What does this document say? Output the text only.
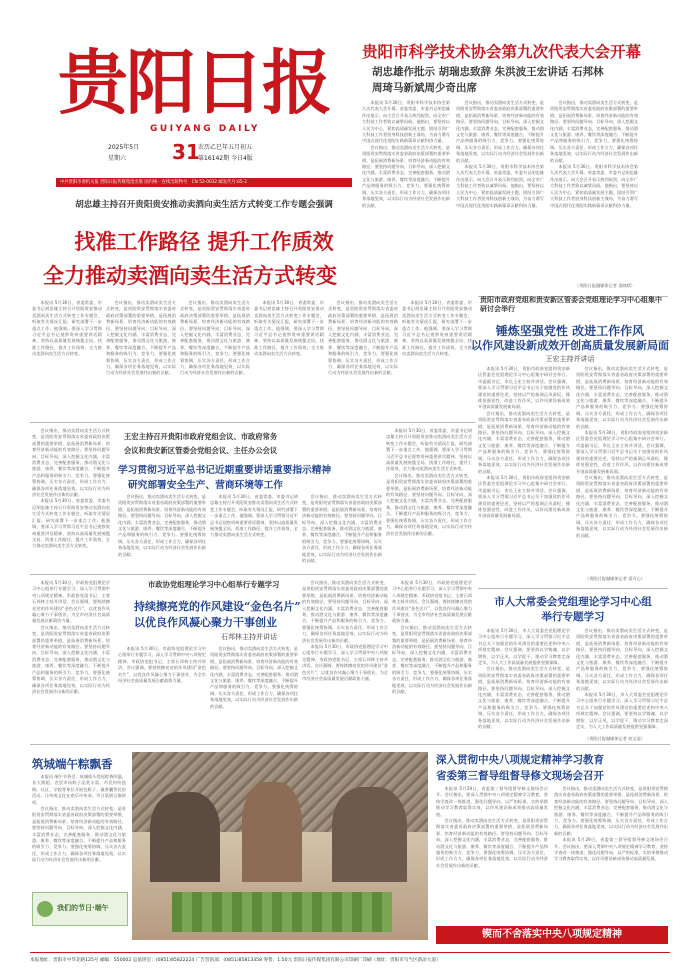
贵阳日报
GUIYANG DAILY
2025年5月
星期六 31
农历乙巳年五月初五
第16142期 今日4版
中共贵阳市委机关报 贵阳日报传媒集团出版 国内统一连续出版物号：CN 52-0032 邮发代号:65-2
贵阳市科学技术协会第九次代表大会开幕
胡忠雄作批示 胡瑞忠致辞 朱洪波王宏讲话 石邦林
周琦马新斌周少奇出席

本报讯 5月30日，贵阳市科学技术协会第九次代表大会开幕。省委常委、市委书记胡忠雄作出批示，向大会召开表示热烈祝贺，向全市广大科技工作者致以诚挚问候。他指出，要坚持以人民为中心，紧扣高质量发展主题，团结引领广大科技工作者投身科技创新主战场，为奋力谱写中国式现代化贵阳实践新篇章贡献科协力量。

会议指出，推动卖酒向卖生活方式转变，是贵阳贵安贯彻落实省委省政府决策部署的重要举措，是拓展消费新场景、培育经济新动能的有效路径。要坚持问题导向、目标导向，深入挖掘文化内涵，丰富消费业态，完善配套服务，推动酒文化与旅游、康养、餐饮等深度融合，不断提升产品和服务的吸引力、竞争力。要强化统筹协调，压实各方责任，形成工作合力，确保各项任务落地见效，以实际行动为经济社会发展作出新的贡献。

会议指出，推动卖酒向卖生活方式转变，是贵阳贵安贯彻落实省委省政府决策部署的重要举措，是拓展消费新场景、培育经济新动能的有效路径。要坚持问题导向、目标导向，深入挖掘文化内涵，丰富消费业态，完善配套服务，推动酒文化与旅游、康养、餐饮等深度融合，不断提升产品和服务的吸引力、竞争力。要强化统筹协调，压实各方责任，形成工作合力，确保各项任务落地见效，以实际行动为经济社会发展作出新的贡献。

本报讯 5月30日，贵阳市科学技术协会第九次代表大会开幕。省委常委、市委书记胡忠雄作出批示，向大会召开表示热烈祝贺，向全市广大科技工作者致以诚挚问候。他指出，要坚持以人民为中心，紧扣高质量发展主题，团结引领广大科技工作者投身科技创新主战场，为奋力谱写中国式现代化贵阳实践新篇章贡献科协力量。

会议指出，推动卖酒向卖生活方式转变，是贵阳贵安贯彻落实省委省政府决策部署的重要举措，是拓展消费新场景、培育经济新动能的有效路径。要坚持问题导向、目标导向，深入挖掘文化内涵，丰富消费业态，完善配套服务，推动酒文化与旅游、康养、餐饮等深度融合，不断提升产品和服务的吸引力、竞争力。要强化统筹协调，压实各方责任，形成工作合力，确保各项任务落地见效，以实际行动为经济社会发展作出新的贡献。

本报讯 5月30日，贵阳市科学技术协会第九次代表大会开幕。省委常委、市委书记胡忠雄作出批示，向大会召开表示热烈祝贺，向全市广大科技工作者致以诚挚问候。他指出，要坚持以人民为中心，紧扣高质量发展主题，团结引领广大科技工作者投身科技创新主战场，为奋力谱写中国式现代化贵阳实践新篇章贡献科协力量。

（贵阳日报融媒体记者 姜晓晴）
胡忠雄主持召开贵阳贵安推动卖酒向卖生活方式转变工作专题会强调
找准工作路径 提升工作质效
全力推动卖酒向卖生活方式转变

本报讯 5月30日，省委常委、市委书记胡忠雄主持召开贵阳贵安推动卖酒向卖生活方式转变工作专题会，听取有关情况汇报，研究部署下一步重点工作。他强调，要深入学习贯彻习近平总书记视察贵州重要讲话精神，坚持以高质量发展统揽全局，找准工作路径，提升工作质效，全力推动卖酒向卖生活方式转变。

会议指出，推动卖酒向卖生活方式转变，是贵阳贵安贯彻落实省委省政府决策部署的重要举措，是拓展消费新场景、培育经济新动能的有效路径。要坚持问题导向、目标导向，深入挖掘文化内涵，丰富消费业态，完善配套服务，推动酒文化与旅游、康养、餐饮等深度融合，不断提升产品和服务的吸引力、竞争力。要强化统筹协调，压实各方责任，形成工作合力，确保各项任务落地见效，以实际行动为经济社会发展作出新的贡献。

会议指出，推动卖酒向卖生活方式转变，是贵阳贵安贯彻落实省委省政府决策部署的重要举措，是拓展消费新场景、培育经济新动能的有效路径。要坚持问题导向、目标导向，深入挖掘文化内涵，丰富消费业态，完善配套服务，推动酒文化与旅游、康养、餐饮等深度融合，不断提升产品和服务的吸引力、竞争力。要强化统筹协调，压实各方责任，形成工作合力，确保各项任务落地见效，以实际行动为经济社会发展作出新的贡献。

本报讯 5月30日，省委常委、市委书记胡忠雄主持召开贵阳贵安推动卖酒向卖生活方式转变工作专题会，听取有关情况汇报，研究部署下一步重点工作。他强调，要深入学习贯彻习近平总书记视察贵州重要讲话精神，坚持以高质量发展统揽全局，找准工作路径，提升工作质效，全力推动卖酒向卖生活方式转变。

会议指出，推动卖酒向卖生活方式转变，是贵阳贵安贯彻落实省委省政府决策部署的重要举措，是拓展消费新场景、培育经济新动能的有效路径。要坚持问题导向、目标导向，深入挖掘文化内涵，丰富消费业态，完善配套服务，推动酒文化与旅游、康养、餐饮等深度融合，不断提升产品和服务的吸引力、竞争力。要强化统筹协调，压实各方责任，形成工作合力，确保各项任务落地见效，以实际行动为经济社会发展作出新的贡献。

本报讯 5月30日，省委常委、市委书记胡忠雄主持召开贵阳贵安推动卖酒向卖生活方式转变工作专题会，听取有关情况汇报，研究部署下一步重点工作。他强调，要深入学习贯彻习近平总书记视察贵州重要讲话精神，坚持以高质量发展统揽全局，找准工作路径，提升工作质效，全力推动卖酒向卖生活方式转变。

贵阳市政府党组和贵安新区管委会党组理论学习中心组集中研讨会举行
锤炼坚强党性 改进工作作风
以作风建设新成效开创高质量发展新局面
王宏主持并讲话

本报讯 5月30日，贵阳市政府党组和贵安新区管委会党组理论学习中心组集中研讨会举行。市委副书记、市长王宏主持并讲话。会议强调，要深入学习贯彻习近平总书记关于加强党的作风建设的重要论述，坚持以严的基调正风肃纪，锤炼坚强党性，改进工作作风，以作风建设新成效开创高质量发展新局面。

会议指出，推动卖酒向卖生活方式转变，是贵阳贵安贯彻落实省委省政府决策部署的重要举措，是拓展消费新场景、培育经济新动能的有效路径。要坚持问题导向、目标导向，深入挖掘文化内涵，丰富消费业态，完善配套服务，推动酒文化与旅游、康养、餐饮等深度融合，不断提升产品和服务的吸引力、竞争力。要强化统筹协调，压实各方责任，形成工作合力，确保各项任务落地见效，以实际行动为经济社会发展作出新的贡献。

本报讯 5月30日，贵阳市政府党组和贵安新区管委会党组理论学习中心组集中研讨会举行。市委副书记、市长王宏主持并讲话。会议强调，要深入学习贯彻习近平总书记关于加强党的作风建设的重要论述，坚持以严的基调正风肃纪，锤炼坚强党性，改进工作作风，以作风建设新成效开创高质量发展新局面。

会议指出，推动卖酒向卖生活方式转变，是贵阳贵安贯彻落实省委省政府决策部署的重要举措，是拓展消费新场景、培育经济新动能的有效路径。要坚持问题导向、目标导向，深入挖掘文化内涵，丰富消费业态，完善配套服务，推动酒文化与旅游、康养、餐饮等深度融合，不断提升产品和服务的吸引力、竞争力。要强化统筹协调，压实各方责任，形成工作合力，确保各项任务落地见效，以实际行动为经济社会发展作出新的贡献。

本报讯 5月30日，贵阳市政府党组和贵安新区管委会党组理论学习中心组集中研讨会举行。市委副书记、市长王宏主持并讲话。会议强调，要深入学习贯彻习近平总书记关于加强党的作风建设的重要论述，坚持以严的基调正风肃纪，锤炼坚强党性，改进工作作风，以作风建设新成效开创高质量发展新局面。

会议指出，推动卖酒向卖生活方式转变，是贵阳贵安贯彻落实省委省政府决策部署的重要举措，是拓展消费新场景、培育经济新动能的有效路径。要坚持问题导向、目标导向，深入挖掘文化内涵，丰富消费业态，完善配套服务，推动酒文化与旅游、康养、餐饮等深度融合，不断提升产品和服务的吸引力、竞争力。要强化统筹协调，压实各方责任，形成工作合力，确保各项任务落地见效，以实际行动为经济社会发展作出新的贡献。

（贵阳日报融媒体记者 梁可心）

会议指出，推动卖酒向卖生活方式转变，是贵阳贵安贯彻落实省委省政府决策部署的重要举措，是拓展消费新场景、培育经济新动能的有效路径。要坚持问题导向、目标导向，深入挖掘文化内涵，丰富消费业态，完善配套服务，推动酒文化与旅游、康养、餐饮等深度融合，不断提升产品和服务的吸引力、竞争力。要强化统筹协调，压实各方责任，形成工作合力，确保各项任务落地见效，以实际行动为经济社会发展作出新的贡献。

本报讯 5月30日，省委常委、市委书记胡忠雄主持召开贵阳贵安推动卖酒向卖生活方式转变工作专题会，听取有关情况汇报，研究部署下一步重点工作。他强调，要深入学习贯彻习近平总书记视察贵州重要讲话精神，坚持以高质量发展统揽全局，找准工作路径，提升工作质效，全力推动卖酒向卖生活方式转变。

王宏主持召开贵阳市政府党组会议、市政府常务
会议和贵安新区管委会党组会议、主任办公会议
学习贯彻习近平总书记近期重要讲话重要指示精神
研究部署安全生产、营商环境等工作

会议指出，推动卖酒向卖生活方式转变，是贵阳贵安贯彻落实省委省政府决策部署的重要举措，是拓展消费新场景、培育经济新动能的有效路径。要坚持问题导向、目标导向，深入挖掘文化内涵，丰富消费业态，完善配套服务，推动酒文化与旅游、康养、餐饮等深度融合，不断提升产品和服务的吸引力、竞争力。要强化统筹协调，压实各方责任，形成工作合力，确保各项任务落地见效，以实际行动为经济社会发展作出新的贡献。

本报讯 5月30日，省委常委、市委书记胡忠雄主持召开贵阳贵安推动卖酒向卖生活方式转变工作专题会，听取有关情况汇报，研究部署下一步重点工作。他强调，要深入学习贯彻习近平总书记视察贵州重要讲话精神，坚持以高质量发展统揽全局，找准工作路径，提升工作质效，全力推动卖酒向卖生活方式转变。

会议指出，推动卖酒向卖生活方式转变，是贵阳贵安贯彻落实省委省政府决策部署的重要举措，是拓展消费新场景、培育经济新动能的有效路径。要坚持问题导向、目标导向，深入挖掘文化内涵，丰富消费业态，完善配套服务，推动酒文化与旅游、康养、餐饮等深度融合，不断提升产品和服务的吸引力、竞争力。要强化统筹协调，压实各方责任，形成工作合力，确保各项任务落地见效，以实际行动为经济社会发展作出新的贡献。

本报讯 5月30日，省委常委、市委书记胡忠雄主持召开贵阳贵安推动卖酒向卖生活方式转变工作专题会，听取有关情况汇报，研究部署下一步重点工作。他强调，要深入学习贯彻习近平总书记视察贵州重要讲话精神，坚持以高质量发展统揽全局，找准工作路径，提升工作质效，全力推动卖酒向卖生活方式转变。

会议指出，推动卖酒向卖生活方式转变，是贵阳贵安贯彻落实省委省政府决策部署的重要举措，是拓展消费新场景、培育经济新动能的有效路径。要坚持问题导向、目标导向，深入挖掘文化内涵，丰富消费业态，完善配套服务，推动酒文化与旅游、康养、餐饮等深度融合，不断提升产品和服务的吸引力、竞争力。要强化统筹协调，压实各方责任，形成工作合力，确保各项任务落地见效，以实际行动为经济社会发展作出新的贡献。

市人大常委会党组理论学习中心组
举行专题学习

本报讯 5月30日，市人大常委会党组理论学习中心组举行专题学习，深入学习贯彻习近平总书记关于加强党的作风建设的重要论述和中央八项规定精神。会议强调，要坚持以学铸魂、以学增智、以学正风、以学促干，推动学习教育走深走实，为人大工作高质量发展提供坚强保障。

会议指出，推动卖酒向卖生活方式转变，是贵阳贵安贯彻落实省委省政府决策部署的重要举措，是拓展消费新场景、培育经济新动能的有效路径。要坚持问题导向、目标导向，深入挖掘文化内涵，丰富消费业态，完善配套服务，推动酒文化与旅游、康养、餐饮等深度融合，不断提升产品和服务的吸引力、竞争力。要强化统筹协调，压实各方责任，形成工作合力，确保各项任务落地见效，以实际行动为经济社会发展作出新的贡献。

会议指出，推动卖酒向卖生活方式转变，是贵阳贵安贯彻落实省委省政府决策部署的重要举措，是拓展消费新场景、培育经济新动能的有效路径。要坚持问题导向、目标导向，深入挖掘文化内涵，丰富消费业态，完善配套服务，推动酒文化与旅游、康养、餐饮等深度融合，不断提升产品和服务的吸引力、竞争力。要强化统筹协调，压实各方责任，形成工作合力，确保各项任务落地见效，以实际行动为经济社会发展作出新的贡献。

本报讯 5月30日，市人大常委会党组理论学习中心组举行专题学习，深入学习贯彻习近平总书记关于加强党的作风建设的重要论述和中央八项规定精神。会议强调，要坚持以学铸魂、以学增智、以学正风、以学促干，推动学习教育走深走实，为人大工作高质量发展提供坚强保障。

（贵阳日报融媒体记者 何文谊）

本报讯 5月30日，市政协党组理论学习中心组举行专题学习，深入学习贯彻中央八项规定精神。市政协党组书记、主席石邦林主持并讲话。会议强调，要持续擦亮党的作风建设“金色名片”，以优良作风凝心聚力干事创业，为全市经济社会高质量发展贡献政协力量。

会议指出，推动卖酒向卖生活方式转变，是贵阳贵安贯彻落实省委省政府决策部署的重要举措，是拓展消费新场景、培育经济新动能的有效路径。要坚持问题导向、目标导向，深入挖掘文化内涵，丰富消费业态，完善配套服务，推动酒文化与旅游、康养、餐饮等深度融合，不断提升产品和服务的吸引力、竞争力。要强化统筹协调，压实各方责任，形成工作合力，确保各项任务落地见效，以实际行动为经济社会发展作出新的贡献。

市政协党组理论学习中心组举行专题学习
持续擦亮党的作风建设“金色名片”
以优良作风凝心聚力干事创业
石邦林主持并讲话

本报讯 5月30日，市政协党组理论学习中心组举行专题学习，深入学习贯彻中央八项规定精神。市政协党组书记、主席石邦林主持并讲话。会议强调，要持续擦亮党的作风建设“金色名片”，以优良作风凝心聚力干事创业，为全市经济社会高质量发展贡献政协力量。

会议指出，推动卖酒向卖生活方式转变，是贵阳贵安贯彻落实省委省政府决策部署的重要举措，是拓展消费新场景、培育经济新动能的有效路径。要坚持问题导向、目标导向，深入挖掘文化内涵，丰富消费业态，完善配套服务，推动酒文化与旅游、康养、餐饮等深度融合，不断提升产品和服务的吸引力、竞争力。要强化统筹协调，压实各方责任，形成工作合力，确保各项任务落地见效，以实际行动为经济社会发展作出新的贡献。

会议指出，推动卖酒向卖生活方式转变，是贵阳贵安贯彻落实省委省政府决策部署的重要举措，是拓展消费新场景、培育经济新动能的有效路径。要坚持问题导向、目标导向，深入挖掘文化内涵，丰富消费业态，完善配套服务，推动酒文化与旅游、康养、餐饮等深度融合，不断提升产品和服务的吸引力、竞争力。要强化统筹协调，压实各方责任，形成工作合力，确保各项任务落地见效，以实际行动为经济社会发展作出新的贡献。

本报讯 5月30日，市政协党组理论学习中心组举行专题学习，深入学习贯彻中央八项规定精神。市政协党组书记、主席石邦林主持并讲话。会议强调，要持续擦亮党的作风建设“金色名片”，以优良作风凝心聚力干事创业，为全市经济社会高质量发展贡献政协力量。

本报讯 5月30日，市政协党组理论学习中心组举行专题学习，深入学习贯彻中央八项规定精神。市政协党组书记、主席石邦林主持并讲话。会议强调，要持续擦亮党的作风建设“金色名片”，以优良作风凝心聚力干事创业，为全市经济社会高质量发展贡献政协力量。

会议指出，推动卖酒向卖生活方式转变，是贵阳贵安贯彻落实省委省政府决策部署的重要举措，是拓展消费新场景、培育经济新动能的有效路径。要坚持问题导向、目标导向，深入挖掘文化内涵，丰富消费业态，完善配套服务，推动酒文化与旅游、康养、餐饮等深度融合，不断提升产品和服务的吸引力、竞争力。要强化统筹协调，压实各方责任，形成工作合力，确保各项任务落地见效，以实际行动为经济社会发展作出新的贡献。

筑城端午粽飘香

本报讯 端午节将至，筑城街头巷尾粽香四溢。各大商超、农贸市场粽子品类丰富，市民纷纷选购。社区、学校等单位开展包粽子、做香囊等民俗活动，让传统文化在欢乐中传承，节日氛围日渐浓厚。

会议指出，推动卖酒向卖生活方式转变，是贵阳贵安贯彻落实省委省政府决策部署的重要举措，是拓展消费新场景、培育经济新动能的有效路径。要坚持问题导向、目标导向，深入挖掘文化内涵，丰富消费业态，完善配套服务，推动酒文化与旅游、康养、餐饮等深度融合，不断提升产品和服务的吸引力、竞争力。要强化统筹协调，压实各方责任，形成工作合力，确保各项任务落地见效，以实际行动为经济社会发展作出新的贡献。

我们的节日·端午
深入贯彻中央八项规定精神学习教育
省委第三督导组督导修文现场会召开

本报讯 5月29日，省委第三督导组督导修文现场会召开。会议指出，要深入贯彻中央八项规定精神学习教育，坚持学查改一体推进，强化问题导向，以严的标准、实的举措推动学习教育取得实效，以作风建设新成效推动高质量发展。

会议指出，推动卖酒向卖生活方式转变，是贵阳贵安贯彻落实省委省政府决策部署的重要举措，是拓展消费新场景、培育经济新动能的有效路径。要坚持问题导向、目标导向，深入挖掘文化内涵，丰富消费业态，完善配套服务，推动酒文化与旅游、康养、餐饮等深度融合，不断提升产品和服务的吸引力、竞争力。要强化统筹协调，压实各方责任，形成工作合力，确保各项任务落地见效，以实际行动为经济社会发展作出新的贡献。

会议指出，推动卖酒向卖生活方式转变，是贵阳贵安贯彻落实省委省政府决策部署的重要举措，是拓展消费新场景、培育经济新动能的有效路径。要坚持问题导向、目标导向，深入挖掘文化内涵，丰富消费业态，完善配套服务，推动酒文化与旅游、康养、餐饮等深度融合，不断提升产品和服务的吸引力、竞争力。要强化统筹协调，压实各方责任，形成工作合力，确保各项任务落地见效，以实际行动为经济社会发展作出新的贡献。

本报讯 5月29日，省委第三督导组督导修文现场会召开。会议指出，要深入贯彻中央八项规定精神学习教育，坚持学查改一体推进，强化问题导向，以严的标准、实的举措推动学习教育取得实效，以作风建设新成效推动高质量发展。

锲而不舍落实中央八项规定精神
本报地址：贵阳市中华北路125号 邮编：550002 总值班室：(0851)85822224 广告营销部：(0851)85813358 零售：1.50元 贵阳日报传媒集团有限公司印刷厂印刷（地址：贵阳市乌当区新添大道）
